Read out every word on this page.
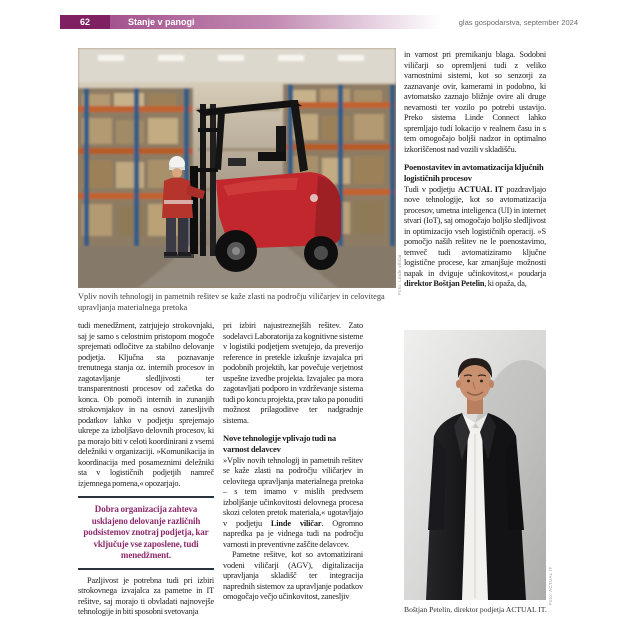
62	Stanje v panogi	glas gospodarstva, september 2024
Foto: Linde viličar
Vpliv novih tehnologij in pametnih rešitev se kaže zlasti na področju viličarjev in celovitega upravljanja materialnega pretoka

tudi menedžment, zatrjujejo strokovnjaki, saj je samo s celostnim pristopom mogoče sprejemati odločitve za stabilno delovanje podjetja. Ključna sta poznavanje trenutnega stanja oz. internih procesov in zagotavljanje sledljivosti ter transparentnosti procesov od začetka do konca. Ob pomoči internih in zunanjih strokovnjakov in na osnovi zanesljivih podatkov lahko v podjetju sprejemajo ukrepe za izboljšavo delovnih procesov, ki pa morajo biti v celoti koordinirani z vsemi deležniki v organizaciji. »Komunikacija in koordinacija med posameznimi deležniki sta v logističnih podjetjih namreč izjemnega pomena,« opozarjajo.

Dobra organizacija zahteva usklajeno delovanje različnih podsistemov znotraj podjetja, kar vključuje vse zaposlene, tudi menedžment.

Pazljivost je potrebna tudi pri izbiri strokovnega izvajalca za pametne in IT rešitve, saj morajo ti obvladati najnovejše tehnologije in biti sposobni svetovanja

pri izbiri najustreznejših rešitev. Zato sodelavci Laboratorija za kognitivne sisteme v logistiki podjetjem svetujejo, da preverijo reference in pretekle izkušnje izvajalca pri podobnih projektih, kar povečuje verjetnost uspešne izvedbe projekta. Izvajalec pa mora zagotavljati podporo in vzdrževanje sistema tudi po koncu projekta, prav tako pa ponuditi možnost prilagoditve ter nadgradnje sistema.

Nove tehnologije vplivajo tudi na varnost delavcev

»Vpliv novih tehnologij in pametnih rešitev se kaže zlasti na področju viličarjev in celovitega upravljanja materialnega pretoka – s tem imamo v mislih predvsem izboljšanje učinkovitosti delovnega procesa skozi celoten pretok materiala,« ugotavljajo v podjetju Linde viličar. Ogromno napredka pa je vidnega tudi na področju varnosti in preventivne zaščite delavcev.

Pametne rešitve, kot so avtomatizirani vodeni viličarji (AGV), digitalizacija upravljanja skladišč ter integracija naprednih sistemov za upravljanje podatkov omogočajo večjo učinkovitost, zanesljiv

in varnost pri premikanju blaga. Sodobni viličarji so opremljeni tudi z veliko varnostnimi sistemi, kot so senzorji za zaznavanje ovir, kamerami in podobno, ki avtomatsko zaznajo bližnje ovire ali druge nevarnosti ter vozilo po potrebi ustavijo. Preko sistema Linde Connect lahko spremljajo tudi lokacijo v realnem času in s tem omogočajo boljši nadzor in optimalno izkoriščenost nad vozili v skladišču.

Poenostavitev in avtomatizacija ključnih logističnih procesov

Tudi v podjetju ACTUAL IT pozdravljajo nove tehnologije, kot so avtomatizacija procesov, umetna inteligenca (UI) in internet stvari (IoT), saj omogočajo boljšo sledljivost in optimizacijo vseh logističnih operacij. »S pomočjo naših rešitev ne le poenostavimo, temveč tudi avtomatiziramo ključne logistične procese, kar zmanjšuje možnosti napak in dviguje učinkovitost,« poudarja direktor Boštjan Petelin, ki opaža, da,

Foto: ACTUAL IT
Boštjan Petelin, direktor podjetja ACTUAL IT.
